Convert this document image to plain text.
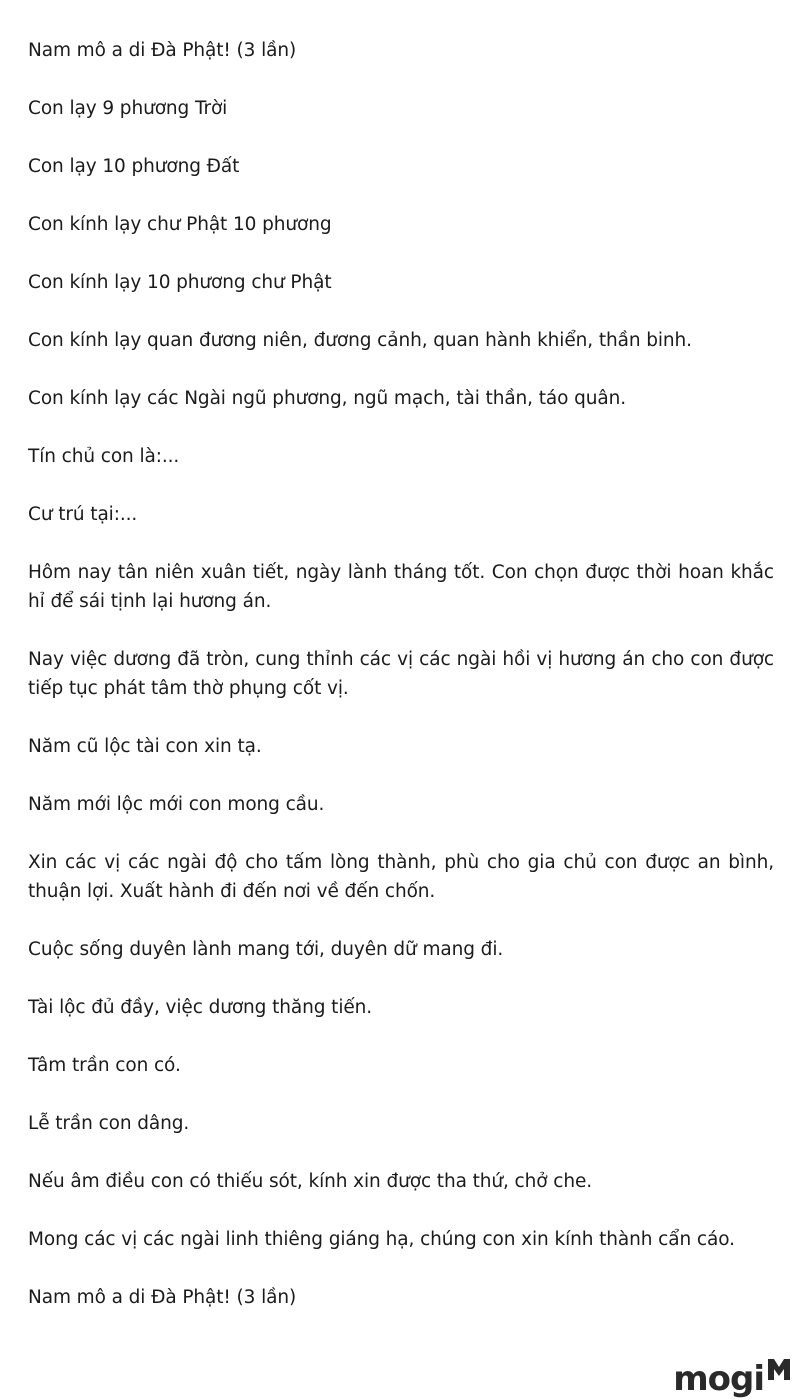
Nam mô a di Đà Phật! (3 lần)

Con lạy 9 phương Trời

Con lạy 10 phương Đất

Con kính lạy chư Phật 10 phương

Con kính lạy 10 phương chư Phật

Con kính lạy quan đương niên, đương cảnh, quan hành khiển, thần binh.

Con kính lạy các Ngài ngũ phương, ngũ mạch, tài thần, táo quân.

Tín chủ con là:...

Cư trú tại:...

Hôm nay tân niên xuân tiết, ngày lành tháng tốt. Con chọn được thời hoan khắc hỉ để sái tịnh lại hương án.

Nay việc dương đã tròn, cung thỉnh các vị các ngài hồi vị hương án cho con được tiếp tục phát tâm thờ phụng cốt vị.

Năm cũ lộc tài con xin tạ.

Năm mới lộc mới con mong cầu.

Xin các vị các ngài độ cho tấm lòng thành, phù cho gia chủ con được an bình, thuận lợi. Xuất hành đi đến nơi về đến chốn.

Cuộc sống duyên lành mang tới, duyên dữ mang đi.

Tài lộc đủ đầy, việc dương thăng tiến.

Tâm trần con có.

Lễ trần con dâng.

Nếu âm điều con có thiếu sót, kính xin được tha thứ, chở che.

Mong các vị các ngài linh thiêng giáng hạ, chúng con xin kính thành cẩn cáo.

Nam mô a di Đà Phật! (3 lần)

mogi
